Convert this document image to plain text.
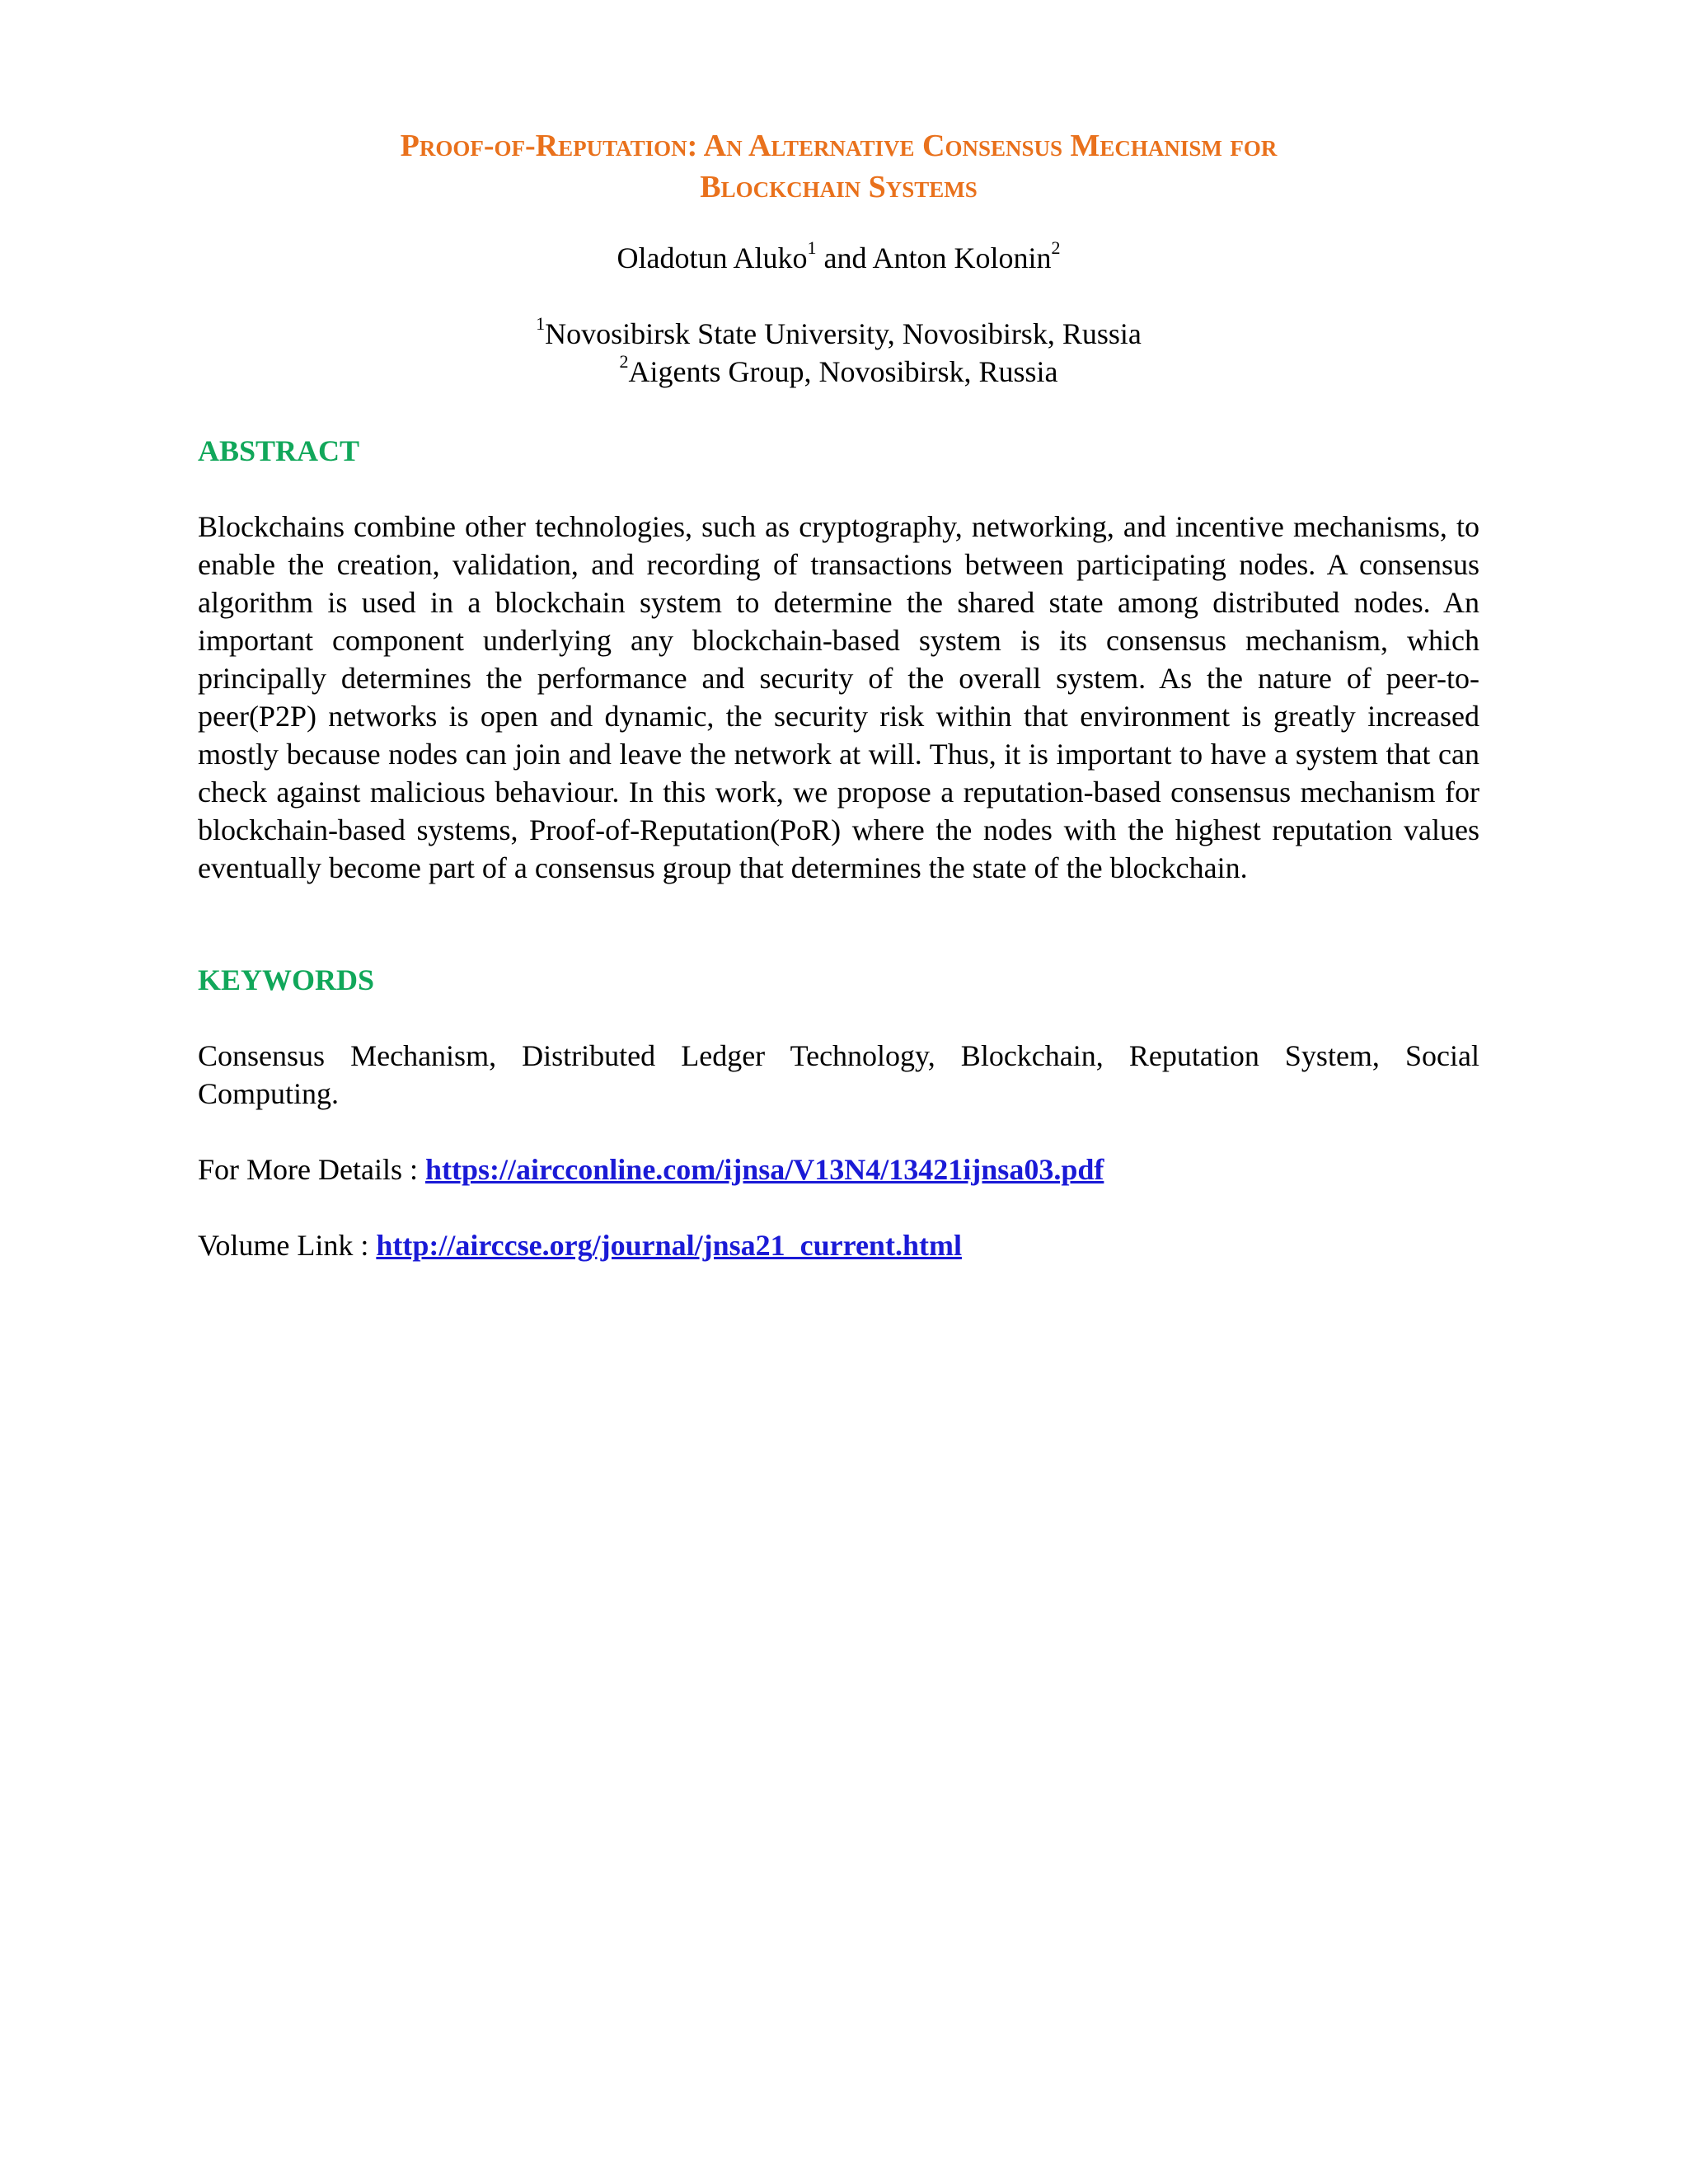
Proof-of-Reputation: An Alternative Consensus Mechanism for
Blockchain Systems

Oladotun Aluko$^1$ and Anton Kolonin$^2$

$^1$Novosibirsk State University, Novosibirsk, Russia
$^2$Aigents Group, Novosibirsk, Russia
ABSTRACT

Blockchains combine other technologies, such as cryptography, networking, and incentive mechanisms, to enable the creation, validation, and recording of transactions between participating nodes. A consensus algorithm is used in a blockchain system to determine the shared state among distributed nodes. An important component underlying any blockchain-based system is its consensus mechanism, which principally determines the performance and security of the overall system. As the nature of peer-to-peer(P2P) networks is open and dynamic, the security risk within that environment is greatly increased mostly because nodes can join and leave the network at will. Thus, it is important to have a system that can check against malicious behaviour. In this work, we propose a reputation-based consensus mechanism for blockchain-based systems, Proof-of-Reputation(PoR) where the nodes with the highest reputation values eventually become part of a consensus group that determines the state of the blockchain.

KEYWORDS

Consensus Mechanism, Distributed Ledger Technology, Blockchain, Reputation System, Social Computing.

For More Details : https://aircconline.com/ijnsa/V13N4/13421ijnsa03.pdf

Volume Link : http://airccse.org/journal/jnsa21_current.html
